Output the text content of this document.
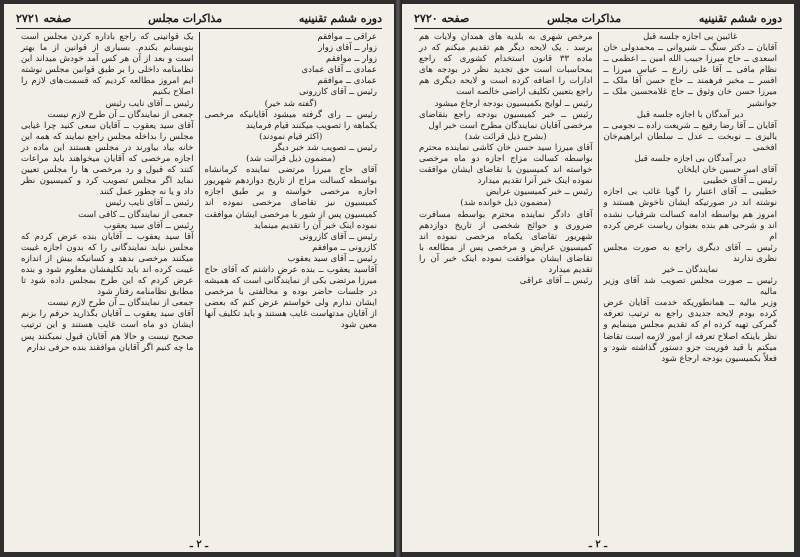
دوره ششم تقنینیه
مذاکرات مجلس
صفحه ۲۷۲۱

عراقی ــ موافقم

زوار ــ آقای زوار

زوار ــ موافقم

عمادی ــ آقای عمادی

عمادی ــ موافقم

رئیس ــ آقای کازرونی

(گفته شد خیر)

رئیس ــ رای گرفته میشود آقایانیکه مرخصی یکماهه را تصویب میکنند قیام فرمایند

(اکثر قیام نمودند)

رئیس ــ تصویب شد خبر دیگر

(مضمون ذیل قرائت شد)

آقای حاج میرزا مرتضی نماینده کرمانشاه بواسطه کسالت مزاج از تاریخ دوازدهم شهریور اجازه مرخصی خواسته و بر طبق اجازه کمیسیون نیز تقاضای مرخصی نموده اند کمیسیون پس از شور با مرخصی ایشان موافقت نموده اینک خبر آن را تقدیم مینماید

رئیس ــ آقای کازرونی

کازرونی ــ موافقم

رئیس ــ آقای سید یعقوب

آقاسید یعقوب ــ بنده عرض داشتم که آقای حاج میرزا مرتضی یکی از نمایندگانی است که همیشه در جلسات حاضر بوده و مخالفتی با مرخصی ایشان ندارم ولی خواستم عرض کنم که بعضی از آقایان مدتهاست غایب هستند و باید تکلیف آنها معین شود

یک قوانینی که راجع باداره کردن مجلس است بنویسانم بکندم. بسیاری از قوانین از ما بهتر است و بعد از آن هر کس آمد خودش میداند این نظامنامه داخلی را بر طبق قوانین مجلس نوشته ایم امروز مطالعه کردیم که قسمت‌های لازم را اصلاح بکنیم

رئیس ــ آقای نایب رئیس

جمعی از نمایندگان ــ آن طرح لازم نیست

آقای سید یعقوب ــ آقایان سعی کنید چرا غیابی مجلس را بداخله مجلس راجع نمایند که همه این خانه بیاد بیاورند در مجلس هستند این ماده در اجازه مرخصی که آقایان میخواهند باید مراعات کنند که قبول و رد مرخصی ها را مجلس تعیین نماید اگر مجلس تصویب کرد و کمیسیون نظر داد و یا نه چطور عمل کنند

رئیس ــ آقای نایب رئیس

جمعی از نمایندگان ــ کافی است

رئیس ــ آقای سید یعقوب

آقا سید یعقوب ــ آقایان بنده عرض کردم که مجلس نباید نمایندگانی را که بدون اجازه غیبت میکنند مرخصی بدهد و کسانیکه بیش از اندازه غیبت کرده اند باید تکلیفشان معلوم شود و بنده عرض کردم که این طرح بمجلس داده شود تا مطابق نظامنامه رفتار شود

جمعی از نمایندگان ــ آن طرح لازم نیست

آقای سید یعقوب ــ آقایان بگذارید حرفم را بزنم ایشان دو ماه است غایب هستند و این ترتیب صحیح نیست و حالا هم آقایان قبول نمیکنند پس ما چه کنیم اگر آقایان موافقند بنده حرفی ندارم

ـ ۲ ـ
دوره ششم تقنینیه
مذاکرات مجلس
صفحه ۲۷۲۰

غائبین بی اجازه جلسه قبل

آقایان ــ دکتر سنگ ــ شیروانی ــ محمدولی خان اسعدی ــ حاج میرزا حبیب الله امین ــ اعظمی ــ نظام مافی ــ آقا علی زارع ــ عباس میرزا ــ افسر ــ مخبر فرهمند ــ حاج حسن آقا ملک ــ میرزا حسن خان وثوق ــ حاج غلامحسین ملک ــ جوانشیر

دیر آمدگان با اجازه جلسه قبل

آقایان ــ آقا رضا رفیع ــ شریعت زاده ــ نجومی ــ یالیزی ــ نوبخت ــ عدل ــ سلطان ابراهیم‌خان افخمی

دیر آمدگان بی اجازه جلسه قبل

آقای امیر حسین خان ایلخان

رئیس ــ آقای خطیبی

خطیبی ــ آقای اعتبار را گویا غائب بی اجازه نوشته اند در صورتیکه ایشان ناخوش هستند و امروز هم بواسطه ادامه کسالت شرفیاب نشده اند و شرحی هم بنده بعنوان ریاست عرض کرده ام

رئیس ــ آقای دیگری راجع به صورت مجلس نظری ندارند

نمایندگان ــ خیر

رئیس ــ صورت مجلس تصویب شد آقای وزیر مالیه

وزیر مالیه ــ همانطوریکه خدمت آقایان عرض کرده بودم لایحه جدیدی راجع به ترتیب تعرفه گمرکی تهیه کرده ام که تقدیم مجلس مینمایم و نظر باینکه اصلاح تعرفه از امور لازمه است تقاضا میکنم با قید فوریت جزو دستور گذاشته شود و فعلاً بکمیسیون بودجه ارجاع شود

مرخص شهری به بلدیه های همدان ولایات هم برسد . یک لایحه دیگر هم تقدیم میکنم که در ماده ۳۳ قانون استخدام کشوری که راجع بمحاسبات است حق تجدید نظر در بودجه های ادارات را اضافه کرده است و لایحه دیگری هم راجع بتعیین تکلیف اراضی خالصه است

رئیس ــ لوایح بکمیسیون بودجه ارجاع میشود

رئیس ــ خبر کمیسیون بودجه راجع بتقاضای مرخصی آقایان نمایندگان مطرح است خبر اول

(بشرح ذیل قرائت شد)

آقای میرزا سید حسن خان کاشی نماینده محترم بواسطه کسالت مزاج اجازه دو ماه مرخصی خواسته اند کمیسیون با تقاضای ایشان موافقت نموده اینک خبر آنرا تقدیم میدارد

رئیس ــ خبر کمیسیون عرایض

(مضمون ذیل خوانده شد)

آقای دادگر نماینده محترم بواسطه مسافرت ضروری و حوائج شخصی از تاریخ دوازدهم شهریور تقاضای یکماه مرخصی نموده اند کمیسیون عرایض و مرخصی پس از مطالعه با تقاضای ایشان موافقت نموده اینک خبر آن را تقدیم میدارد

رئیس ــ آقای عراقی

ـ ۲ ـ
